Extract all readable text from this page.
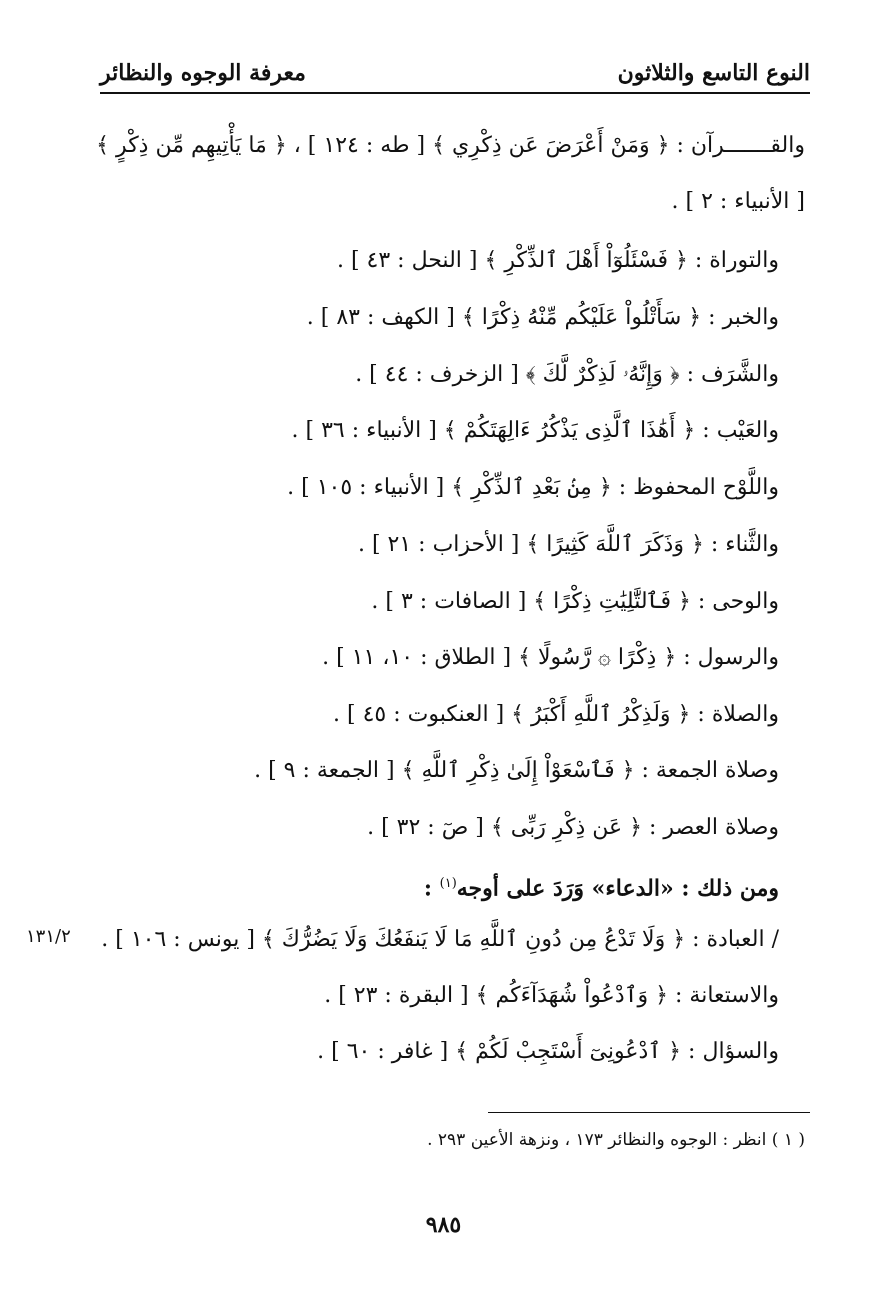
النوع التاسع والثلاثون
معرفة الوجوه والنظائر
والقـــــــرآن : ﴿ وَمَنْ أَعْرَضَ عَن ذِكْرِي ﴾ [ طه : ١٢٤ ] ، ﴿ مَا يَأْتِيهِم مِّن ذِكْرٍ ﴾
[ الأنبياء : ٢ ] .
والتوراة : ﴿ فَسْئَلُوٓاْ أَهْلَ ٱلذِّكْرِ ﴾ [ النحل : ٤٣ ] .
والخبر : ﴿ سَأَتْلُواْ عَلَيْكُم مِّنْهُ ذِكْرًا ﴾ [ الكهف : ٨٣ ] .
والشَّرَف : ﴿ وَإِنَّهُۥ لَذِكْرٌ لَّكَ ﴾ [ الزخرف : ٤٤ ] .
والعَيْب : ﴿ أَهَٰذَا ٱلَّذِى يَذْكُرُ ءَالِهَتَكُمْ ﴾ [ الأنبياء : ٣٦ ] .
واللَّوْح المحفوظ : ﴿ مِنۢ بَعْدِ ٱلذِّكْرِ ﴾ [ الأنبياء : ١٠٥ ] .
والثَّناء : ﴿ وَذَكَرَ ٱللَّهَ كَثِيرًا ﴾ [ الأحزاب : ٢١ ] .
والوحى : ﴿ فَٱلتَّٰلِيَٰتِ ذِكْرًا ﴾ [ الصافات : ٣ ] .
والرسول : ﴿ ذِكْرًا ۞ رَّسُولًا ﴾ [ الطلاق : ١٠، ١١ ] .
والصلاة : ﴿ وَلَذِكْرُ ٱللَّهِ أَكْبَرُ ﴾ [ العنكبوت : ٤٥ ] .
وصلاة الجمعة : ﴿ فَٱسْعَوْاْ إِلَىٰ ذِكْرِ ٱللَّهِ ﴾ [ الجمعة : ٩ ] .
وصلاة العصر : ﴿ عَن ذِكْرِ رَبِّى ﴾ [ صٓ : ٣٢ ] .
ومن ذلك : «الدعاء» وَرَدَ على أوجه$^{(١)}$ :
/ العبادة : ﴿ وَلَا تَدْعُ مِن دُونِ ٱللَّهِ مَا لَا يَنفَعُكَ وَلَا يَضُرُّكَ ﴾ [ يونس : ١٠٦ ] .
١٣١/٢
والاستعانة : ﴿ وَٱدْعُواْ شُهَدَآءَكُم ﴾ [ البقرة : ٢٣ ] .
والسؤال : ﴿ ٱدْعُونِىٓ أَسْتَجِبْ لَكُمْ ﴾ [ غافر : ٦٠ ] .
( ١ ) انظر : الوجوه والنظائر ١٧٣ ، ونزهة الأعين ٢٩٣ .
٩٨٥
